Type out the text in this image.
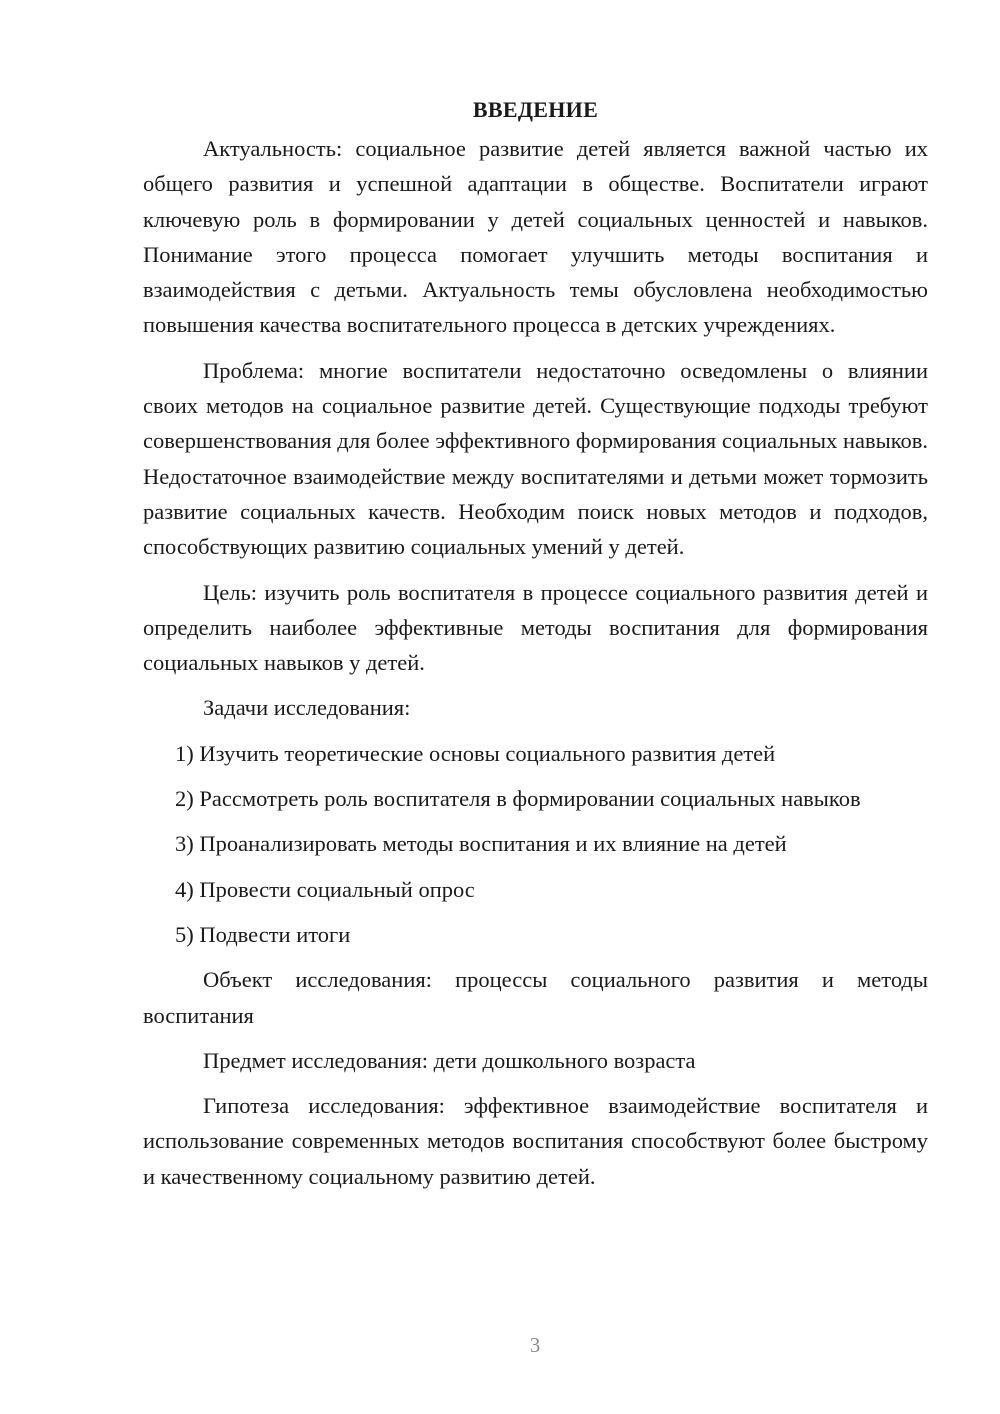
ВВЕДЕНИЕ

Актуальность: социальное развитие детей является важной частью их общего развития и успешной адаптации в обществе. Воспитатели играют ключевую роль в формировании у детей социальных ценностей и навыков. Понимание этого процесса помогает улучшить методы воспитания и взаимодействия с детьми. Актуальность темы обусловлена необходимостью повышения качества воспитательного процесса в детских учреждениях.

Проблема: многие воспитатели недостаточно осведомлены о влиянии своих методов на социальное развитие детей. Существующие подходы требуют совершенствования для более эффективного формирования социальных навыков. Недостаточное взаимодействие между воспитателями и детьми может тормозить развитие социальных качеств. Необходим поиск новых методов и подходов, способствующих развитию социальных умений у детей.

Цель: изучить роль воспитателя в процессе социального развития детей и определить наиболее эффективные методы воспитания для формирования социальных навыков у детей.

Задачи исследования:

1) Изучить теоретические основы социального развития детей

2) Рассмотреть роль воспитателя в формировании социальных навыков

3) Проанализировать методы воспитания и их влияние на детей

4) Провести социальный опрос

5) Подвести итоги

Объект исследования: процессы социального развития и методы воспитания

Предмет исследования: дети дошкольного возраста

Гипотеза исследования: эффективное взаимодействие воспитателя и использование современных методов воспитания способствуют более быстрому и качественному социальному развитию детей.

3
